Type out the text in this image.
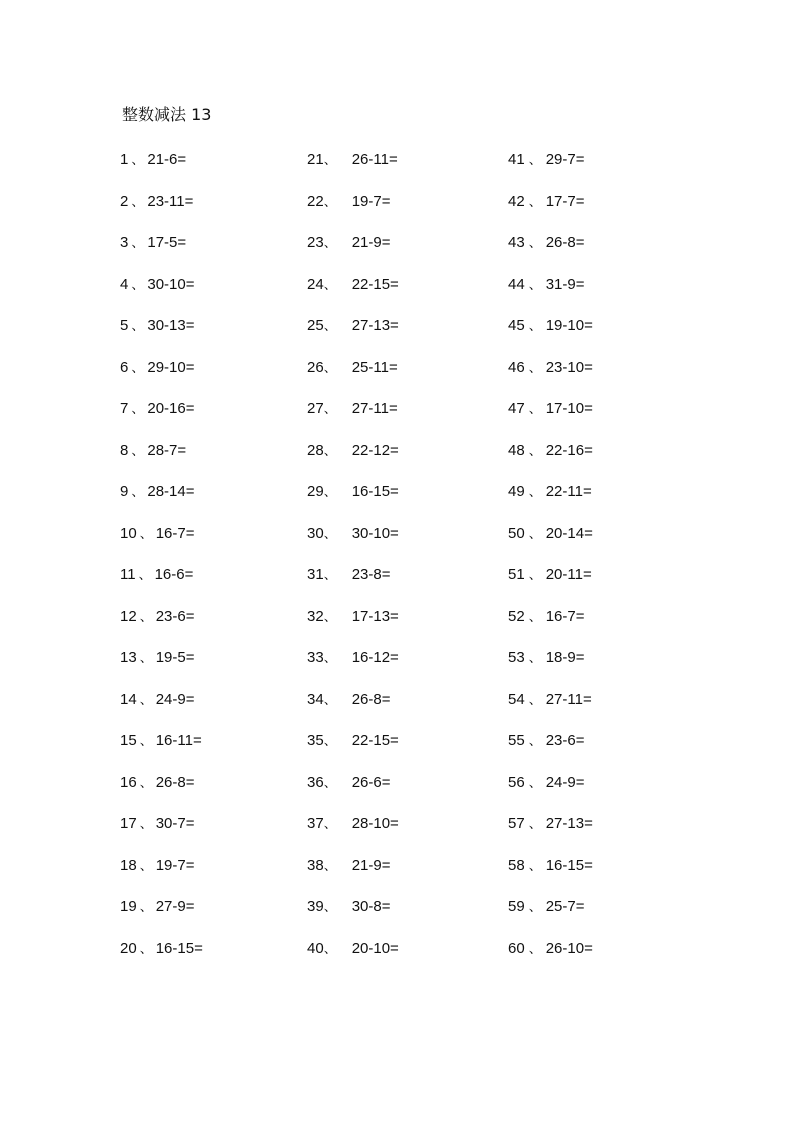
整数减法 13
1 、 21-6=
2 、 23-11=
3 、 17-5=
4 、 30-10=
5 、 30-13=
6 、 29-10=
7 、 20-16=
8 、 28-7=
9 、 28-14=
10 、 16-7=
11 、 16-6=
12 、 23-6=
13 、 19-5=
14 、 24-9=
15 、 16-11=
16 、 26-8=
17 、 30-7=
18 、 19-7=
19 、 27-9=
20 、 16-15=
21、 26-11=
22、 19-7=
23、 21-9=
24、 22-15=
25、 27-13=
26、 25-11=
27、 27-11=
28、 22-12=
29、 16-15=
30、 30-10=
31、 23-8=
32、 17-13=
33、 16-12=
34、 26-8=
35、 22-15=
36、 26-6=
37、 28-10=
38、 21-9=
39、 30-8=
40、 20-10=
41 、 29-7=
42 、 17-7=
43 、 26-8=
44 、 31-9=
45 、 19-10=
46 、 23-10=
47 、 17-10=
48 、 22-16=
49 、 22-11=
50 、 20-14=
51 、 20-11=
52 、 16-7=
53 、 18-9=
54 、 27-11=
55 、 23-6=
56 、 24-9=
57 、 27-13=
58 、 16-15=
59 、 25-7=
60 、 26-10=
